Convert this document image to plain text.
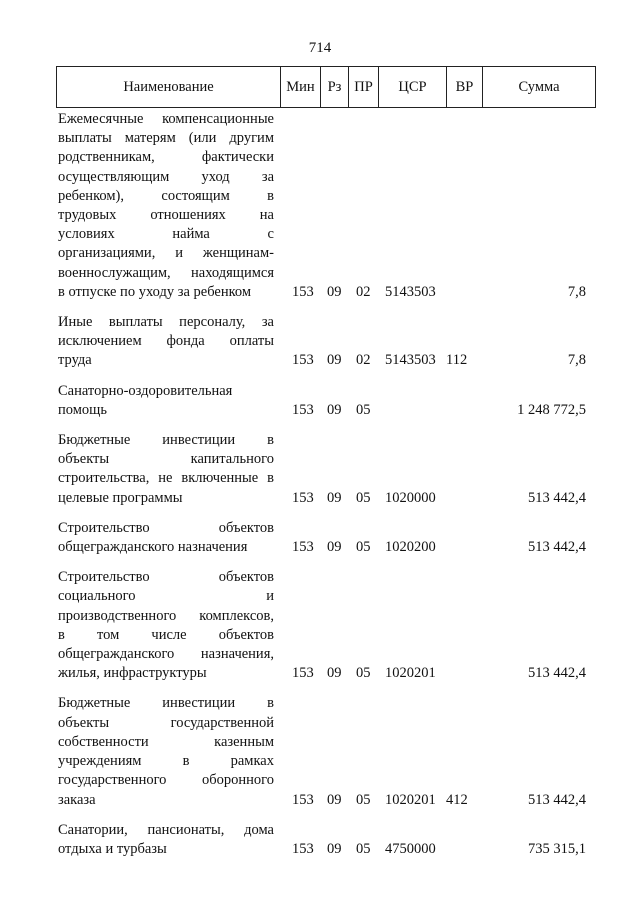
714
Наименование	Мин Рз ПР	ЦСР	ВР	Сумма
Ежемесячные компенсационные
выплаты матерям (или другим
родственникам, фактически
осуществляющим уход за
ребенком), состоящим в
трудовых отношениях на
условиях найма с
организациями, и женщинам-
военнослужащим, находящимся
в отпуске по уходу за ребенком	153 09 02 5143503	7,8
Иные выплаты персоналу, за
исключением фонда оплаты
труда	153 09 02 5143503 112	7,8
Санаторно-оздоровительная
помощь	153 09 05	1 248 772,5
Бюджетные инвестиции в
объекты капитального
строительства, не включенные в
целевые программы	153 09 05 1020000	513 442,4
Строительство объектов
общегражданского назначения	153 09 05 1020200	513 442,4
Строительство объектов
социального и
производственного комплексов,
в том числе объектов
общегражданского назначения,
жилья, инфраструктуры	153 09 05 1020201	513 442,4
Бюджетные инвестиции в
объекты государственной
собственности казенным
учреждениям в рамках
государственного оборонного
заказа	153 09 05 1020201 412	513 442,4
Санатории, пансионаты, дома
отдыха и турбазы	153 09 05 4750000	735 315,1
